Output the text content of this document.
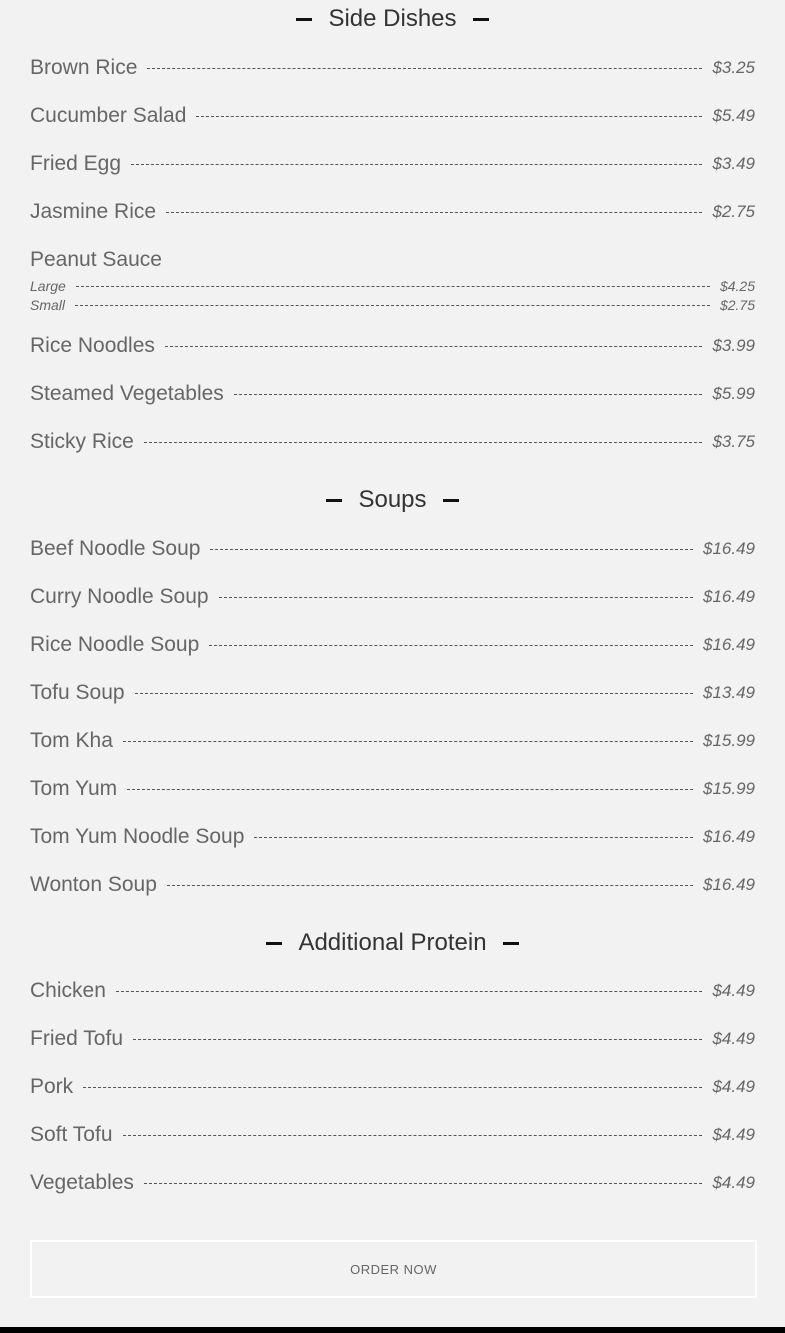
Side Dishes
Brown Rice	$3.25
Cucumber Salad	$5.49
Fried Egg	$3.49
Jasmine Rice	$2.75
Peanut Sauce
Large	$4.25
Small	$2.75
Rice Noodles	$3.99
Steamed Vegetables	$5.99
Sticky Rice	$3.75
Soups
Beef Noodle Soup	$16.49
Curry Noodle Soup	$16.49
Rice Noodle Soup	$16.49
Tofu Soup	$13.49
Tom Kha	$15.99
Tom Yum	$15.99
Tom Yum Noodle Soup	$16.49
Wonton Soup	$16.49
Additional Protein
Chicken	$4.49
Fried Tofu	$4.49
Pork	$4.49
Soft Tofu	$4.49
Vegetables	$4.49
ORDER NOW
